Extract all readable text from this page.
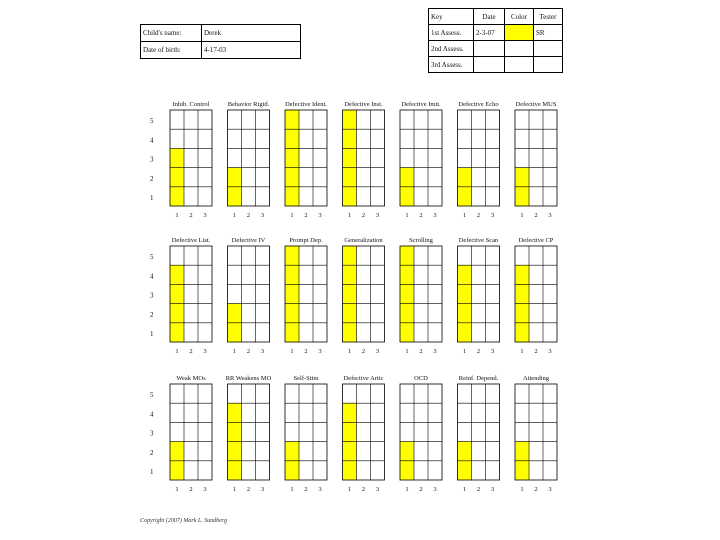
Child's name:	Derek
Date of birth:	4-17-03
Key	Date	Color	Tester
1st Assess.	2-3-07		SR
2nd Assess.			
3rd Assess.			
1
2
3
4
5
Inhib. Control
1 2 3
Behavior Rigid.
1 2 3
Defective Ident.
1 2 3
Defective Inst.
1 2 3
Defective Imit.
1 2 3
Defective Echo
1 2 3
Defective MUS
1 2 3
1
2
3
4
5
Defective List.
1 2 3
Defective IV
1 2 3
Prompt Dep.
1 2 3
Generalization
1 2 3
Scrolling
1 2 3
Defective Scan
1 2 3
Defective CP
1 2 3
1
2
3
4
5
Weak MOs
1 2 3
RR Weakens MO
1 2 3
Self-Stim
1 2 3
Defective Artic
1 2 3
OCD
1 2 3
Reinf. Depend.
1 2 3
Attending
1 2 3
Copyright (2007) Mark L. Sundberg
